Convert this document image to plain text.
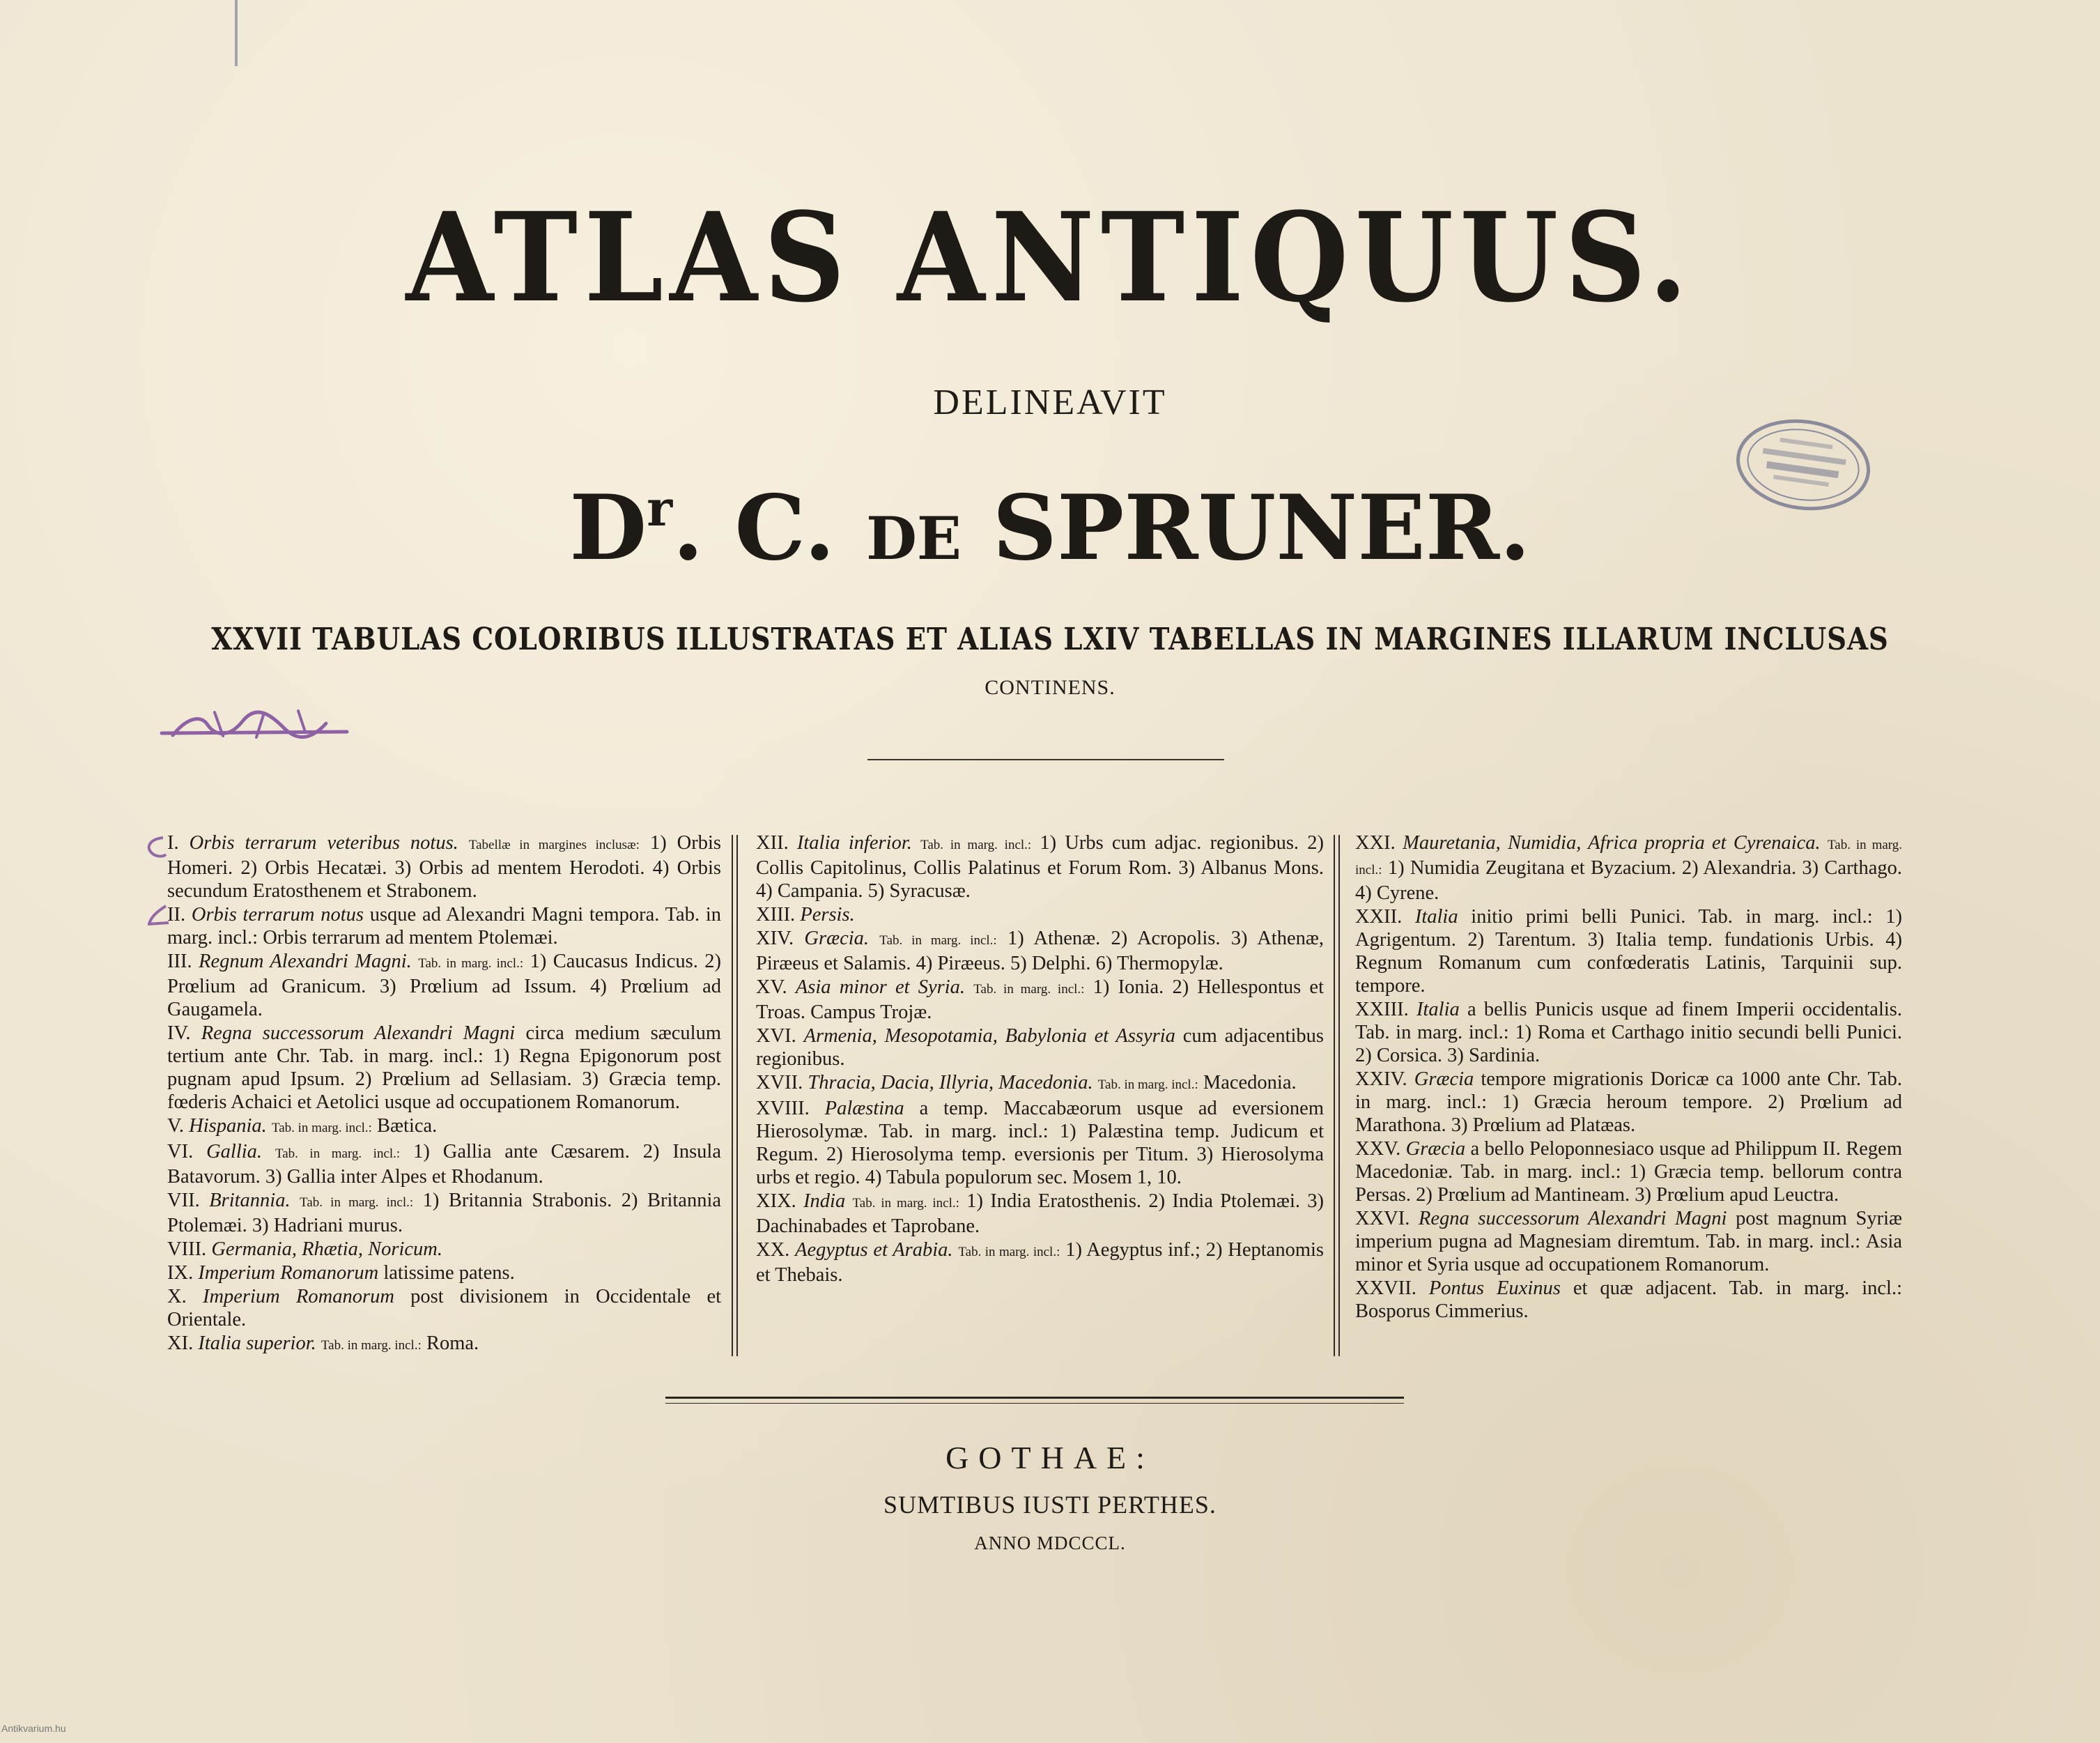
ATLAS ANTIQUUS.
DELINEAVIT
$D^r$. C. DE SPRUNER.
XXVII TABULAS COLORIBUS ILLUSTRATAS ET ALIAS LXIV TABELLAS IN MARGINES ILLARUM INCLUSAS
CONTINENS.

I. Orbis terrarum veteribus notus. Tabellæ in margines inclusæ: 1) Orbis Homeri. 2) Orbis Hecatæi. 3) Orbis ad mentem Herodoti. 4) Orbis secundum Eratosthenem et Strabonem.

II. Orbis terrarum notus usque ad Alexandri Magni tempora. Tab. in marg. incl.: Orbis terrarum ad mentem Ptolemæi.

III. Regnum Alexandri Magni. Tab. in marg. incl.: 1) Caucasus Indicus. 2) Prœlium ad Granicum. 3) Prœlium ad Issum. 4) Prœlium ad Gaugamela.

IV. Regna successorum Alexandri Magni circa medium sæculum tertium ante Chr. Tab. in marg. incl.: 1) Regna Epigonorum post pugnam apud Ipsum. 2) Prœlium ad Sellasiam. 3) Græcia temp. fœderis Achaici et Aetolici usque ad occupationem Romanorum.

V. Hispania. Tab. in marg. incl.: Bætica.

VI. Gallia. Tab. in marg. incl.: 1) Gallia ante Cæsarem. 2) Insula Batavorum. 3) Gallia inter Alpes et Rhodanum.

VII. Britannia. Tab. in marg. incl.: 1) Britannia Strabonis. 2) Britannia Ptolemæi. 3) Hadriani murus.

VIII. Germania, Rhætia, Noricum.

IX. Imperium Romanorum latissime patens.

X. Imperium Romanorum post divisionem in Occidentale et Orientale.

XI. Italia superior. Tab. in marg. incl.: Roma.

XII. Italia inferior. Tab. in marg. incl.: 1) Urbs cum adjac. regionibus. 2) Collis Capitolinus, Collis Palatinus et Forum Rom. 3) Albanus Mons. 4) Campania. 5) Syracusæ.

XIII. Persis.

XIV. Græcia. Tab. in marg. incl.: 1) Athenæ. 2) Acropolis. 3) Athenæ, Piræeus et Salamis. 4) Piræeus. 5) Delphi. 6) Thermopylæ.

XV. Asia minor et Syria. Tab. in marg. incl.: 1) Ionia. 2) Hellespontus et Troas. Campus Trojæ.

XVI. Armenia, Mesopotamia, Babylonia et Assyria cum adjacentibus regionibus.

XVII. Thracia, Dacia, Illyria, Macedonia. Tab. in marg. incl.: Macedonia.

XVIII. Palæstina a temp. Maccabæorum usque ad eversionem Hierosolymæ. Tab. in marg. incl.: 1) Palæstina temp. Judicum et Regum. 2) Hierosolyma temp. eversionis per Titum. 3) Hierosolyma urbs et regio. 4) Tabula populorum sec. Mosem 1, 10.

XIX. India Tab. in marg. incl.: 1) India Eratosthenis. 2) India Ptolemæi. 3) Dachinabades et Taprobane.

XX. Aegyptus et Arabia. Tab. in marg. incl.: 1) Aegyptus inf.; 2) Heptanomis et Thebais.

XXI. Mauretania, Numidia, Africa propria et Cyrenaica. Tab. in marg. incl.: 1) Numidia Zeugitana et Byzacium. 2) Alexandria. 3) Carthago. 4) Cyrene.

XXII. Italia initio primi belli Punici. Tab. in marg. incl.: 1) Agrigentum. 2) Tarentum. 3) Italia temp. fundationis Urbis. 4) Regnum Romanum cum confœderatis Latinis, Tarquinii sup. tempore.

XXIII. Italia a bellis Punicis usque ad finem Imperii occidentalis. Tab. in marg. incl.: 1) Roma et Carthago initio secundi belli Punici. 2) Corsica. 3) Sardinia.

XXIV. Græcia tempore migrationis Doricæ ca 1000 ante Chr. Tab. in marg. incl.: 1) Græcia heroum tempore. 2) Prœlium ad Marathona. 3) Prœlium ad Platæas.

XXV. Græcia a bello Peloponnesiaco usque ad Philippum II. Regem Macedoniæ. Tab. in marg. incl.: 1) Græcia temp. bellorum contra Persas. 2) Prœlium ad Mantineam. 3) Prœlium apud Leuctra.

XXVI. Regna successorum Alexandri Magni post magnum Syriæ imperium pugna ad Magnesiam diremtum. Tab. in marg. incl.: Asia minor et Syria usque ad occupationem Romanorum.

XXVII. Pontus Euxinus et quæ adjacent. Tab. in marg. incl.: Bosporus Cimmerius.

GOTHAE:
SUMTIBUS IUSTI PERTHES.
ANNO MDCCCL.
Antikvarium.hu
